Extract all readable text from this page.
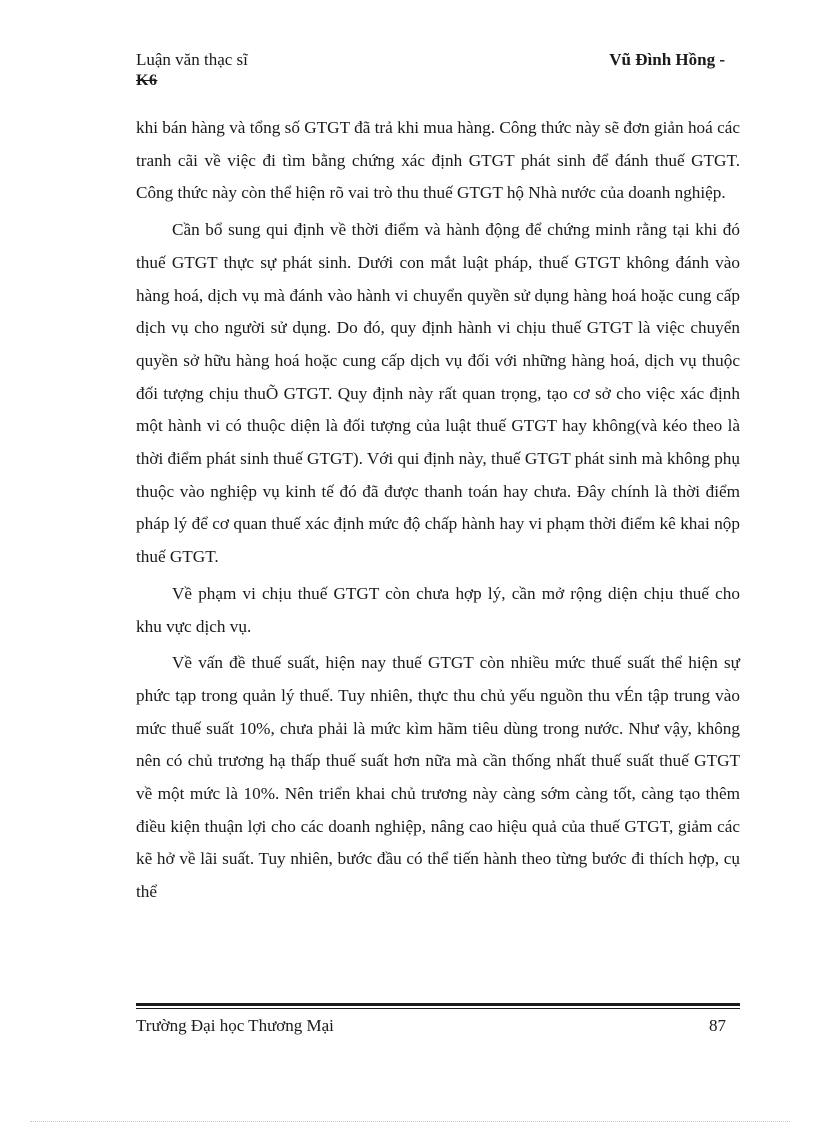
Luận văn thạc sĩ
K6
Vũ Đình Hồng -

khi bán hàng và tổng số GTGT đã trả khi mua hàng. Công thức này sẽ đơn giản hoá các tranh cãi về việc đi tìm bằng chứng xác định GTGT phát sinh để đánh thuế GTGT. Công thức này còn thể hiện rõ vai trò thu thuế GTGT hộ Nhà nước của doanh nghiệp.

Cần bổ sung qui định về thời điểm và hành động để chứng minh rằng tại khi đó thuế GTGT thực sự phát sinh. Dưới con mắt luật pháp, thuế GTGT không đánh vào hàng hoá, dịch vụ mà đánh vào hành vi chuyển quyền sử dụng hàng hoá hoặc cung cấp dịch vụ cho người sử dụng. Do đó, quy định hành vi chịu thuế GTGT là việc chuyển quyền sở hữu hàng hoá hoặc cung cấp dịch vụ đối với những hàng hoá, dịch vụ thuộc đối tượng chịu thuÕ GTGT. Quy định này rất quan trọng, tạo cơ sở cho việc xác định một hành vi có thuộc diện là đối tượng của luật thuế GTGT hay không(và kéo theo là thời điểm phát sinh thuế GTGT). Với qui định này, thuế GTGT phát sinh mà không phụ thuộc vào nghiệp vụ kinh tế đó đã được thanh toán hay chưa. Đây chính là thời điểm pháp lý để cơ quan thuế xác định mức độ chấp hành hay vi phạm thời điểm kê khai nộp thuế GTGT.

Về phạm vi chịu thuế GTGT còn chưa hợp lý, cần mở rộng diện chịu thuế cho khu vực dịch vụ.

Về vấn đề thuế suất, hiện nay thuế GTGT còn nhiều mức thuế suất thể hiện sự phức tạp trong quản lý thuế. Tuy nhiên, thực thu chủ yếu nguồn thu vÉn tập trung vào mức thuế suất 10%, chưa phải là mức kìm hãm tiêu dùng trong nước. Như vậy, không nên có chủ trương hạ thấp thuế suất hơn nữa mà cần thống nhất thuế suất thuế GTGT về một mức là 10%. Nên triển khai chủ trương này càng sớm càng tốt, càng tạo thêm điều kiện thuận lợi cho các doanh nghiệp, nâng cao hiệu quả của thuế GTGT, giảm các kẽ hở về lãi suất. Tuy nhiên, bước đầu có thể tiến hành theo từng bước đi thích hợp, cụ thể

Trường Đại học Thương Mại	87
